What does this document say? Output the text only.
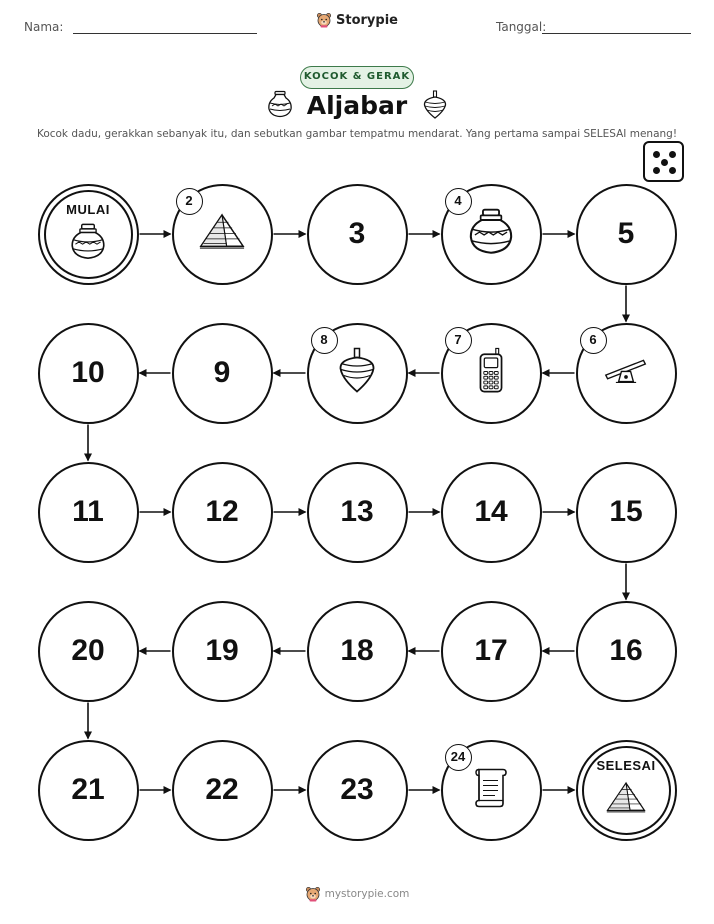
Nama:	Storypie	Tanggal:
KOCOK & GERAK
Aljabar
Kocok dadu, gerakkan sebanyak itu, dan sebutkan gambar tempatmu mendarat. Yang pertama sampai SELESAI menang!
MULAI
2
3
4
5
6
7
8
9
10
11	12	13	14	15
16
17
18
19
20
21	22	23
24
SELESAI
mystorypie.com
